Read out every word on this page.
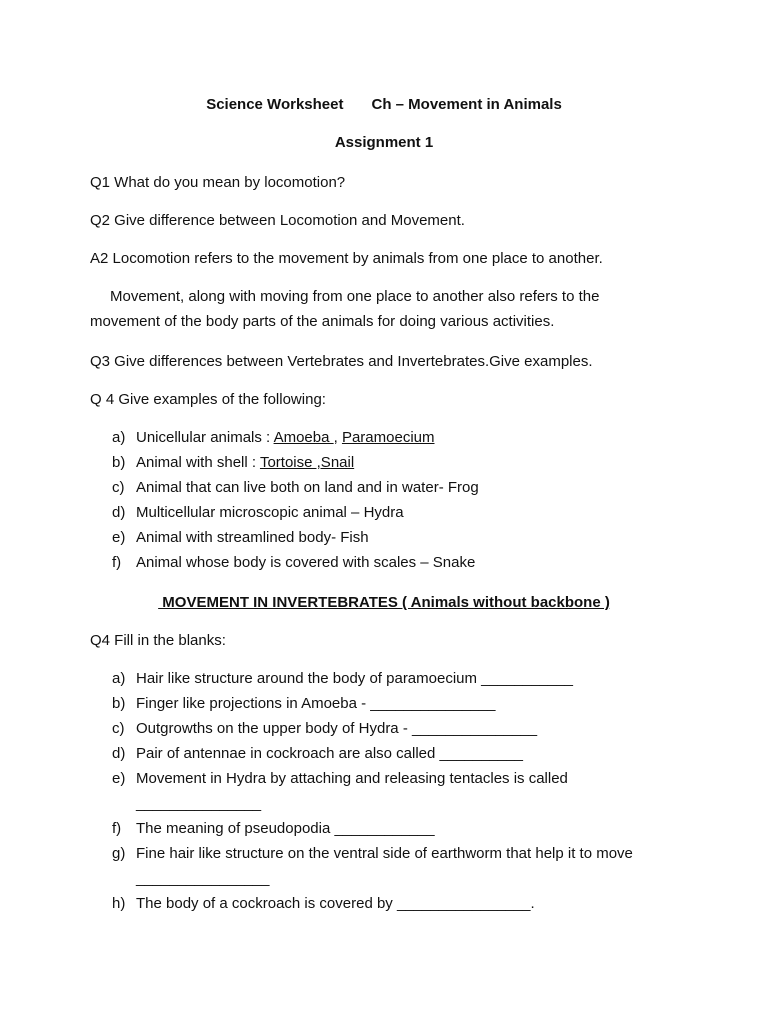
Science Worksheet Ch – Movement in Animals
Assignment 1
Q1 What do you mean by locomotion?
Q2 Give difference between Locomotion and Movement.
A2 Locomotion refers to the movement by animals from one place to another.
Movement, along with moving from one place to another also refers to the movement of the body parts of the animals for doing various activities.
Q3 Give differences between Vertebrates and Invertebrates.Give examples.
Q 4 Give examples of the following:
a) Unicellular animals : Amoeba , Paramoecium
b) Animal with shell : Tortoise ,Snail
c) Animal that can live both on land and in water- Frog
d) Multicellular microscopic animal – Hydra
e) Animal with streamlined body- Fish
f) Animal whose body is covered with scales – Snake
MOVEMENT IN INVERTEBRATES ( Animals without backbone )
Q4 Fill in the blanks:
a) Hair like structure around the body of paramoecium ___________
b) Finger like projections in Amoeba - _______________
c) Outgrowths on the upper body of Hydra - _______________
d) Pair of antennae in cockroach are also called __________
e) Movement in Hydra by attaching and releasing tentacles is called _______________
f) The meaning of pseudopodia ____________
g) Fine hair like structure on the ventral side of earthworm that help it to move ________________
h) The body of a cockroach is covered by ________________.
